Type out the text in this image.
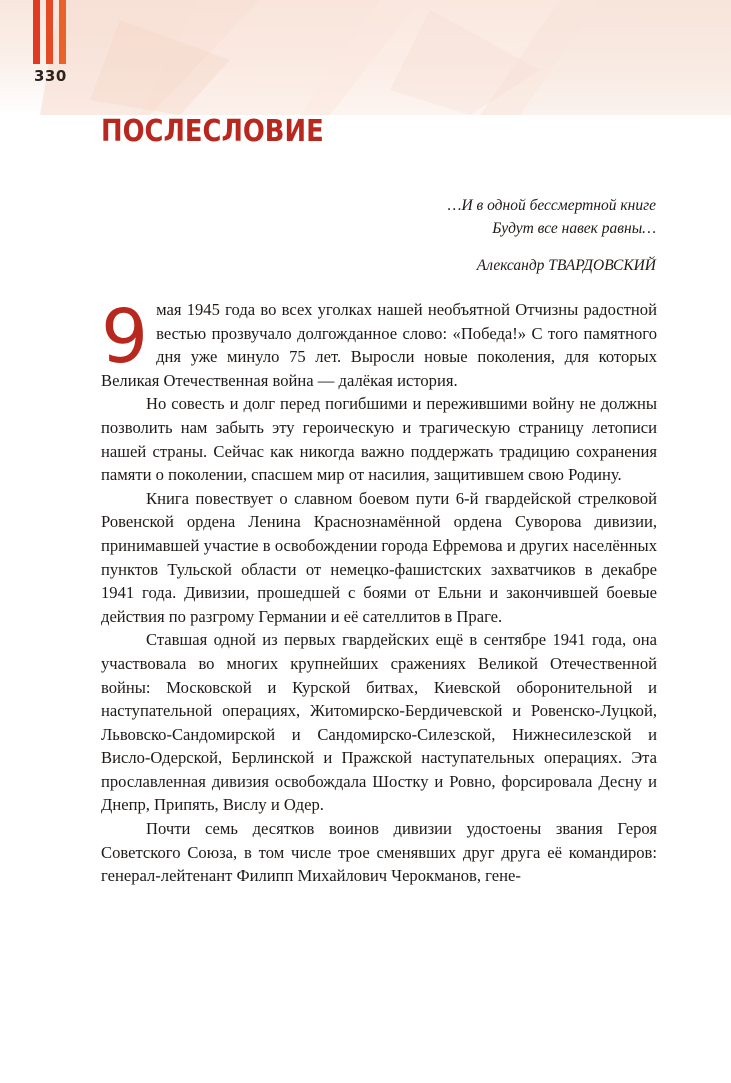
330
ПОСЛЕСЛОВИЕ
…И в одной бессмертной книге
Будут все навек равны…
Александр ТВАРДОВСКИЙ

9 мая 1945 года во всех уголках нашей необъятной Отчизны радостной вестью прозвучало долгожданное слово: «Победа!» С того памятного дня уже минуло 75 лет. Выросли новые поколения, для которых Великая Отечественная война — далёкая история.

Но совесть и долг перед погибшими и пережившими войну не должны позволить нам забыть эту героическую и трагическую страницу летописи нашей страны. Сейчас как никогда важно поддержать традицию сохранения памяти о поколении, спасшем мир от насилия, защитившем свою Родину.

Книга повествует о славном боевом пути 6-й гвардейской стрелковой Ровенской ордена Ленина Краснознамённой ордена Суворова дивизии, принимавшей участие в освобождении города Ефремова и других населённых пунктов Тульской области от немецко-фашистских захватчиков в декабре 1941 года. Дивизии, прошедшей с боями от Ельни и закончившей боевые действия по разгрому Германии и её сателлитов в Праге.

Ставшая одной из первых гвардейских ещё в сентябре 1941 года, она участвовала во многих крупнейших сражениях Великой Отечественной войны: Московской и Курской битвах, Киевской оборонительной и наступательной операциях, Житомирско-Бердичевской и Ровенско-Луцкой, Львовско-Сандомирской и Сандомирско-Силезской, Нижнесилезской и Висло-Одерской, Берлинской и Пражской наступательных операциях. Эта прославленная дивизия освобождала Шостку и Ровно, форсировала Десну и Днепр, Припять, Вислу и Одер.

Почти семь десятков воинов дивизии удостоены звания Героя Советского Союза, в том числе трое сменявших друг друга её командиров: генерал-лейтенант Филипп Михайлович Черокманов, гене-
